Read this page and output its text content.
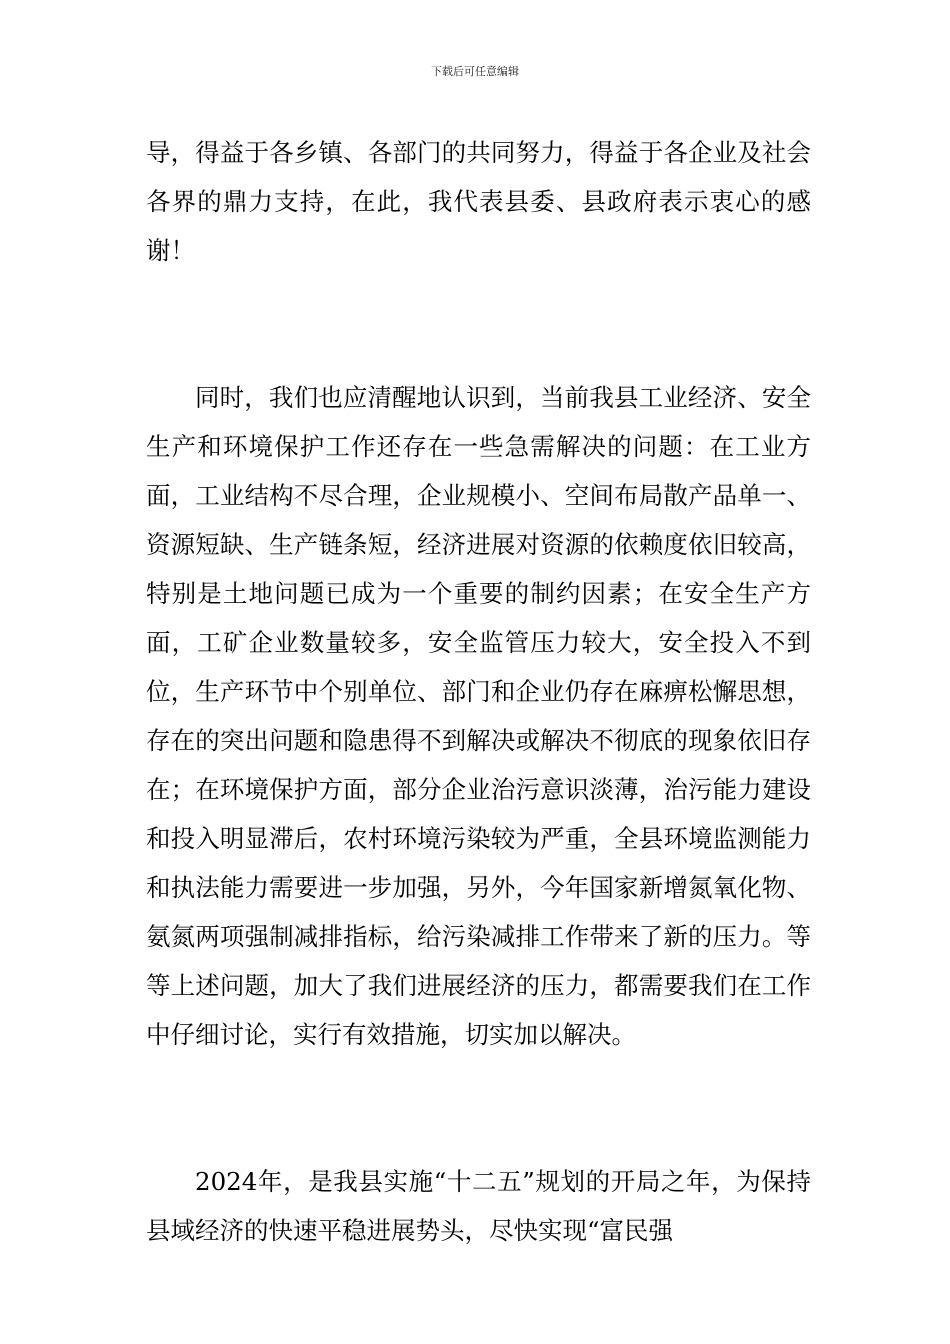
下载后可任意编辑

导，得益于各乡镇、各部门的共同努力，得益于各企业及社会各界的鼎力支持，在此，我代表县委、县政府表示衷心的感谢！

同时，我们也应清醒地认识到，当前我县工业经济、安全生产和环境保护工作还存在一些急需解决的问题：在工业方面，工业结构不尽合理，企业规模小、空间布局散产品单一、资源短缺、生产链条短，经济进展对资源的依赖度依旧较高，特别是土地问题已成为一个重要的制约因素；在安全生产方面，工矿企业数量较多，安全监管压力较大，安全投入不到位，生产环节中个别单位、部门和企业仍存在麻痹松懈思想，存在的突出问题和隐患得不到解决或解决不彻底的现象依旧存在；在环境保护方面，部分企业治污意识淡薄，治污能力建设和投入明显滞后，农村环境污染较为严重，全县环境监测能力和执法能力需要进一步加强，另外，今年国家新增氮氧化物、氨氮两项强制减排指标，给污染减排工作带来了新的压力。等等上述问题，加大了我们进展经济的压力，都需要我们在工作中仔细讨论，实行有效措施，切实加以解决。

2024年，是我县实施“十二五”规划的开局之年，为保持县域经济的快速平稳进展势头，尽快实现“富民强
